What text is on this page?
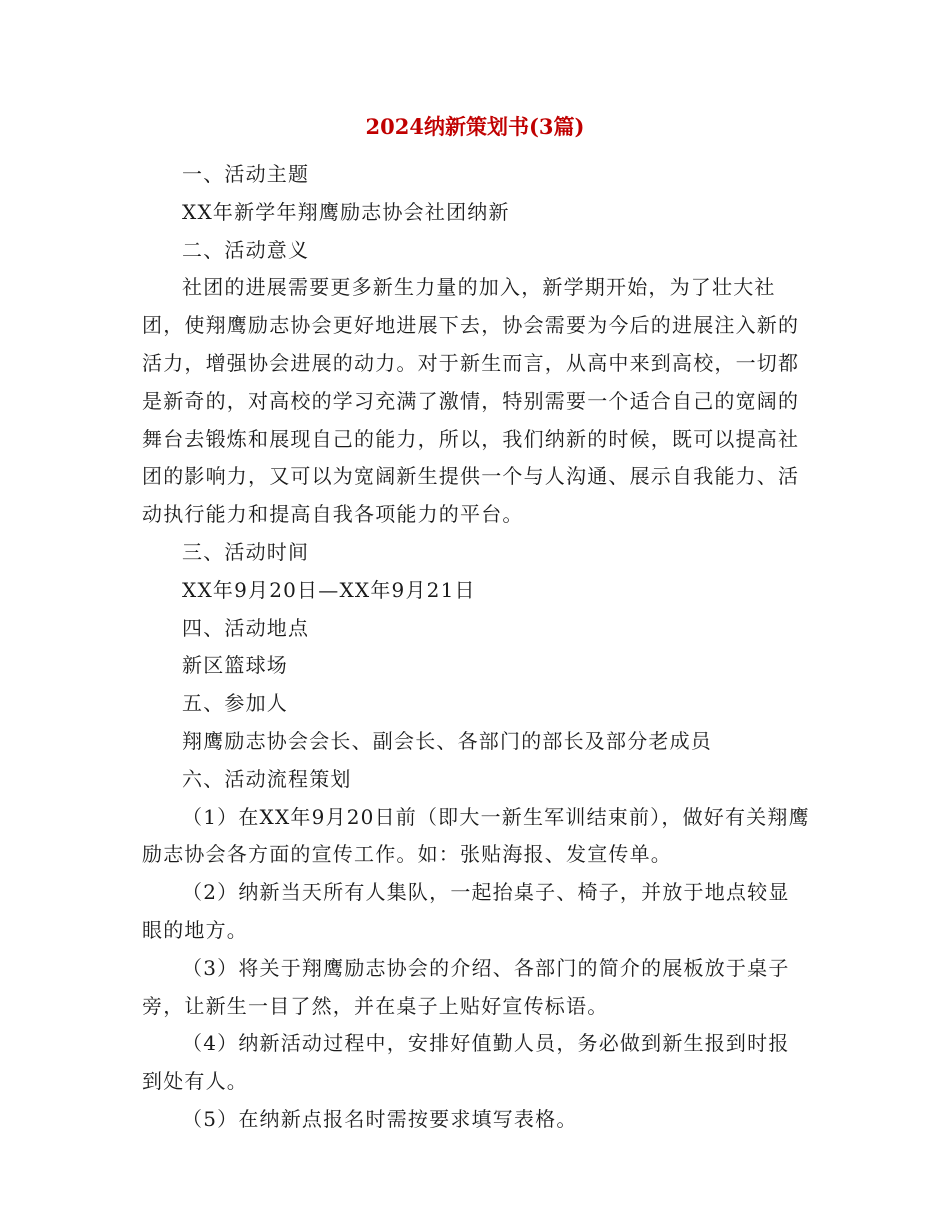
2024纳新策划书(3篇)

一、活动主题

XX年新学年翔鹰励志协会社团纳新

二、活动意义

社团的进展需要更多新生力量的加入，新学期开始，为了壮大社团，使翔鹰励志协会更好地进展下去，协会需要为今后的进展注入新的活力，增强协会进展的动力。对于新生而言，从高中来到高校，一切都是新奇的，对高校的学习充满了激情，特别需要一个适合自己的宽阔的舞台去锻炼和展现自己的能力，所以，我们纳新的时候，既可以提高社团的影响力，又可以为宽阔新生提供一个与人沟通、展示自我能力、活动执行能力和提高自我各项能力的平台。

三、活动时间

XX年9月20日—XX年9月21日

四、活动地点

新区篮球场

五、参加人

翔鹰励志协会会长、副会长、各部门的部长及部分老成员

六、活动流程策划

（1）在XX年9月20日前（即大一新生军训结束前），做好有关翔鹰励志协会各方面的宣传工作。如：张贴海报、发宣传单。

（2）纳新当天所有人集队，一起抬桌子、椅子，并放于地点较显眼的地方。

（3）将关于翔鹰励志协会的介绍、各部门的简介的展板放于桌子旁，让新生一目了然，并在桌子上贴好宣传标语。

（4）纳新活动过程中，安排好值勤人员，务必做到新生报到时报到处有人。

（5）在纳新点报名时需按要求填写表格。
